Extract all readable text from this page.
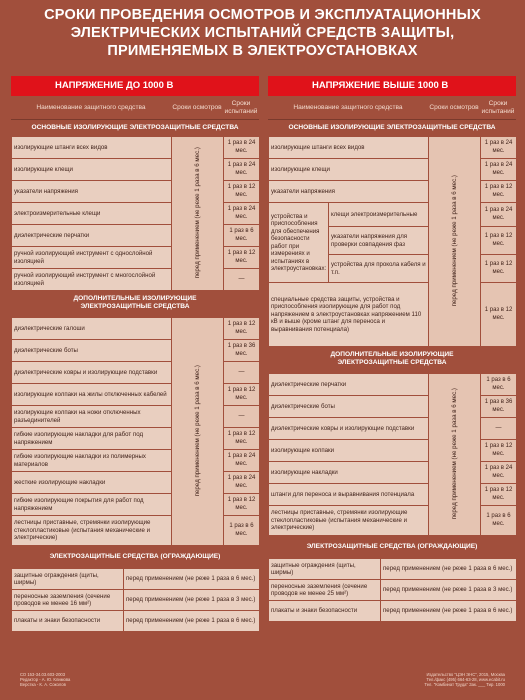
СРОКИ ПРОВЕДЕНИЯ ОСМОТРОВ И ЭКСПЛУАТАЦИОННЫХ
ЭЛЕКТРИЧЕСКИХ ИСПЫТАНИЙ СРЕДСТВ ЗАЩИТЫ,
ПРИМЕНЯЕМЫХ В ЭЛЕКТРОУСТАНОВКАХ
НАПРЯЖЕНИЕ ДО 1000 В
Наименование защитного средства	Сроки осмотров
Сроки испытаний
ОСНОВНЫЕ ИЗОЛИРУЮЩИЕ ЭЛЕКТРОЗАЩИТНЫЕ СРЕДСТВА
изолирующие штанги всех видов	перед применением (не реже 1 раза в 6 мес.)	1 раз в 24 мес.
изолирующие клещи		1 раз в 24 мес.
указатели напряжения		1 раз в 12 мес.
электроизмерительные клещи		1 раз в 24 мес.
диэлектрические перчатки		1 раз в 6 мес.
ручной изолирующий инструмент с однослойной изоляцией		1 раз в 12 мес.
ручной изолирующий инструмент с многослойной изоляцией		—
ДОПОЛНИТЕЛЬНЫЕ ИЗОЛИРУЮЩИЕ ЭЛЕКТРОЗАЩИТНЫЕ СРЕДСТВА
диэлектрические галоши	перед применением (не реже 1 раза в 6 мес.)	1 раз в 12 мес.
диэлектрические боты		1 раз в 36 мес.
диэлектрические ковры и изолирующие подставки		—
изолирующие колпаки на жилы отключенных кабелей		1 раз в 12 мес.
изолирующие колпаки на ножи отключенных разъединителей		—
гибкие изолирующие накладки для работ под напряжением		1 раз в 12 мес.
гибкие изолирующие накладки из полимерных материалов		1 раз в 24 мес.
жесткие изолирующие накладки		1 раз в 24 мес.
гибкие изолирующие покрытия для работ под напряжением		1 раз в 12 мес.
лестницы приставные, стремянки изолирующие стеклопластиковые (испытания механические и электрические)		1 раз в 6 мес.
ЭЛЕКТРОЗАЩИТНЫЕ СРЕДСТВА (ОГРАЖДАЮЩИЕ)
защитные ограждения (щиты, ширмы)	перед применением (не реже 1 раза в 6 мес.)
переносные заземления (сечение проводов не менее 16 мм²)	перед применением (не реже 1 раза в 3 мес.)
плакаты и знаки безопасности	перед применением (не реже 1 раза в 6 мес.)
НАПРЯЖЕНИЕ ВЫШЕ 1000 В
Наименование защитного средства	Сроки осмотров
Сроки испытаний
ОСНОВНЫЕ ИЗОЛИРУЮЩИЕ ЭЛЕКТРОЗАЩИТНЫЕ СРЕДСТВА
изолирующие штанги всех видов		перед применением (не реже 1 раза в 6 мес.)	1 раз в 24 мес.
изолирующие клещи			1 раз в 24 мес.
указатели напряжения			1 раз в 12 мес.
устройства и приспособления для обеспечения безопасности работ при измерениях и испытаниях в электроустановках:	клещи электроизмерительные		1 раз в 24 мес.
	указатели напряжения для проверки совпадения фаз		1 раз в 12 мес.
	устройства для прокола кабеля и т.п.		1 раз в 12 мес.
специальные средства защиты, устройства и приспособления изолирующие для работ под напряжением в электроустановках напряжением 110 кВ и выше (кроме штанг для переноса и выравнивания потенциала)			1 раз в 12 мес.
ДОПОЛНИТЕЛЬНЫЕ ИЗОЛИРУЮЩИЕ ЭЛЕКТРОЗАЩИТНЫЕ СРЕДСТВА
диэлектрические перчатки	перед применением (не реже 1 раза в 6 мес.)	1 раз в 6 мес.
диэлектрические боты		1 раз в 36 мес.
диэлектрические ковры и изолирующие подставки		—
изолирующие колпаки		1 раз в 12 мес.
изолирующие накладки		1 раз в 24 мес.
штанги для переноса и выравнивания потенциала		1 раз в 12 мес.
лестницы приставные, стремянки изолирующие стеклопластиковые (испытания механические и электрические)		1 раз в 6 мес.
ЭЛЕКТРОЗАЩИТНЫЕ СРЕДСТВА (ОГРАЖДАЮЩИЕ)
защитные ограждения (щиты, ширмы)	перед применением (не реже 1 раза в 6 мес.)
переносные заземления (сечение проводов не менее 25 мм²)	перед применением (не реже 1 раза в 3 мес.)
плакаты и знаки безопасности	перед применением (не реже 1 раза в 6 мес.)
СО 153-34.03.603-2003
Редактор - А. Ю. Климова
Верстка - К. А. Соколов
Издательство "ЦЭН ЭНС", 2015, Москва
Тел./факс (495) 664-63-28, www.ecabit.ru
Тел. "Комбинат Труда" Зак. ___ Тир. 1000
